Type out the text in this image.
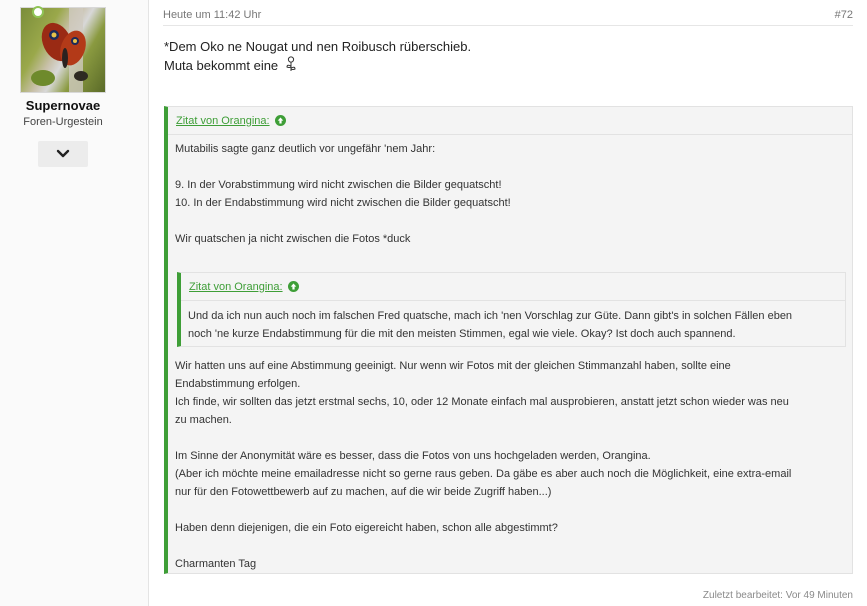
Supernovae
Foren-Urgestein
Heute um 11:42 Uhr	#72
*Dem Oko ne Nougat und nen Roibusch rüberschieb.
Muta bekommt eine
Zitat von Orangina:
Mutabilis sagte ganz deutlich vor ungefähr 'nem Jahr:
9. In der Vorabstimmung wird nicht zwischen die Bilder gequatscht!
10. In der Endabstimmung wird nicht zwischen die Bilder gequatscht!
Wir quatschen ja nicht zwischen die Fotos *duck
Zitat von Orangina:
Und da ich nun auch noch im falschen Fred quatsche, mach ich 'nen Vorschlag zur Güte. Dann gibt's in solchen Fällen eben
noch 'ne kurze Endabstimmung für die mit den meisten Stimmen, egal wie viele. Okay? Ist doch auch spannend.
Wir hatten uns auf eine Abstimmung geeinigt. Nur wenn wir Fotos mit der gleichen Stimmanzahl haben, sollte eine
Endabstimmung erfolgen.
Ich finde, wir sollten das jetzt erstmal sechs, 10, oder 12 Monate einfach mal ausprobieren, anstatt jetzt schon wieder was neu
zu machen.
Im Sinne der Anonymität wäre es besser, dass die Fotos von uns hochgeladen werden, Orangina.
(Aber ich möchte meine emailadresse nicht so gerne raus geben. Da gäbe es aber auch noch die Möglichkeit, eine extra-email
nur für den Fotowettbewerb auf zu machen, auf die wir beide Zugriff haben...)
Haben denn diejenigen, die ein Foto eigereicht haben, schon alle abgestimmt?
Charmanten Tag
Zuletzt bearbeitet: Vor 49 Minuten
